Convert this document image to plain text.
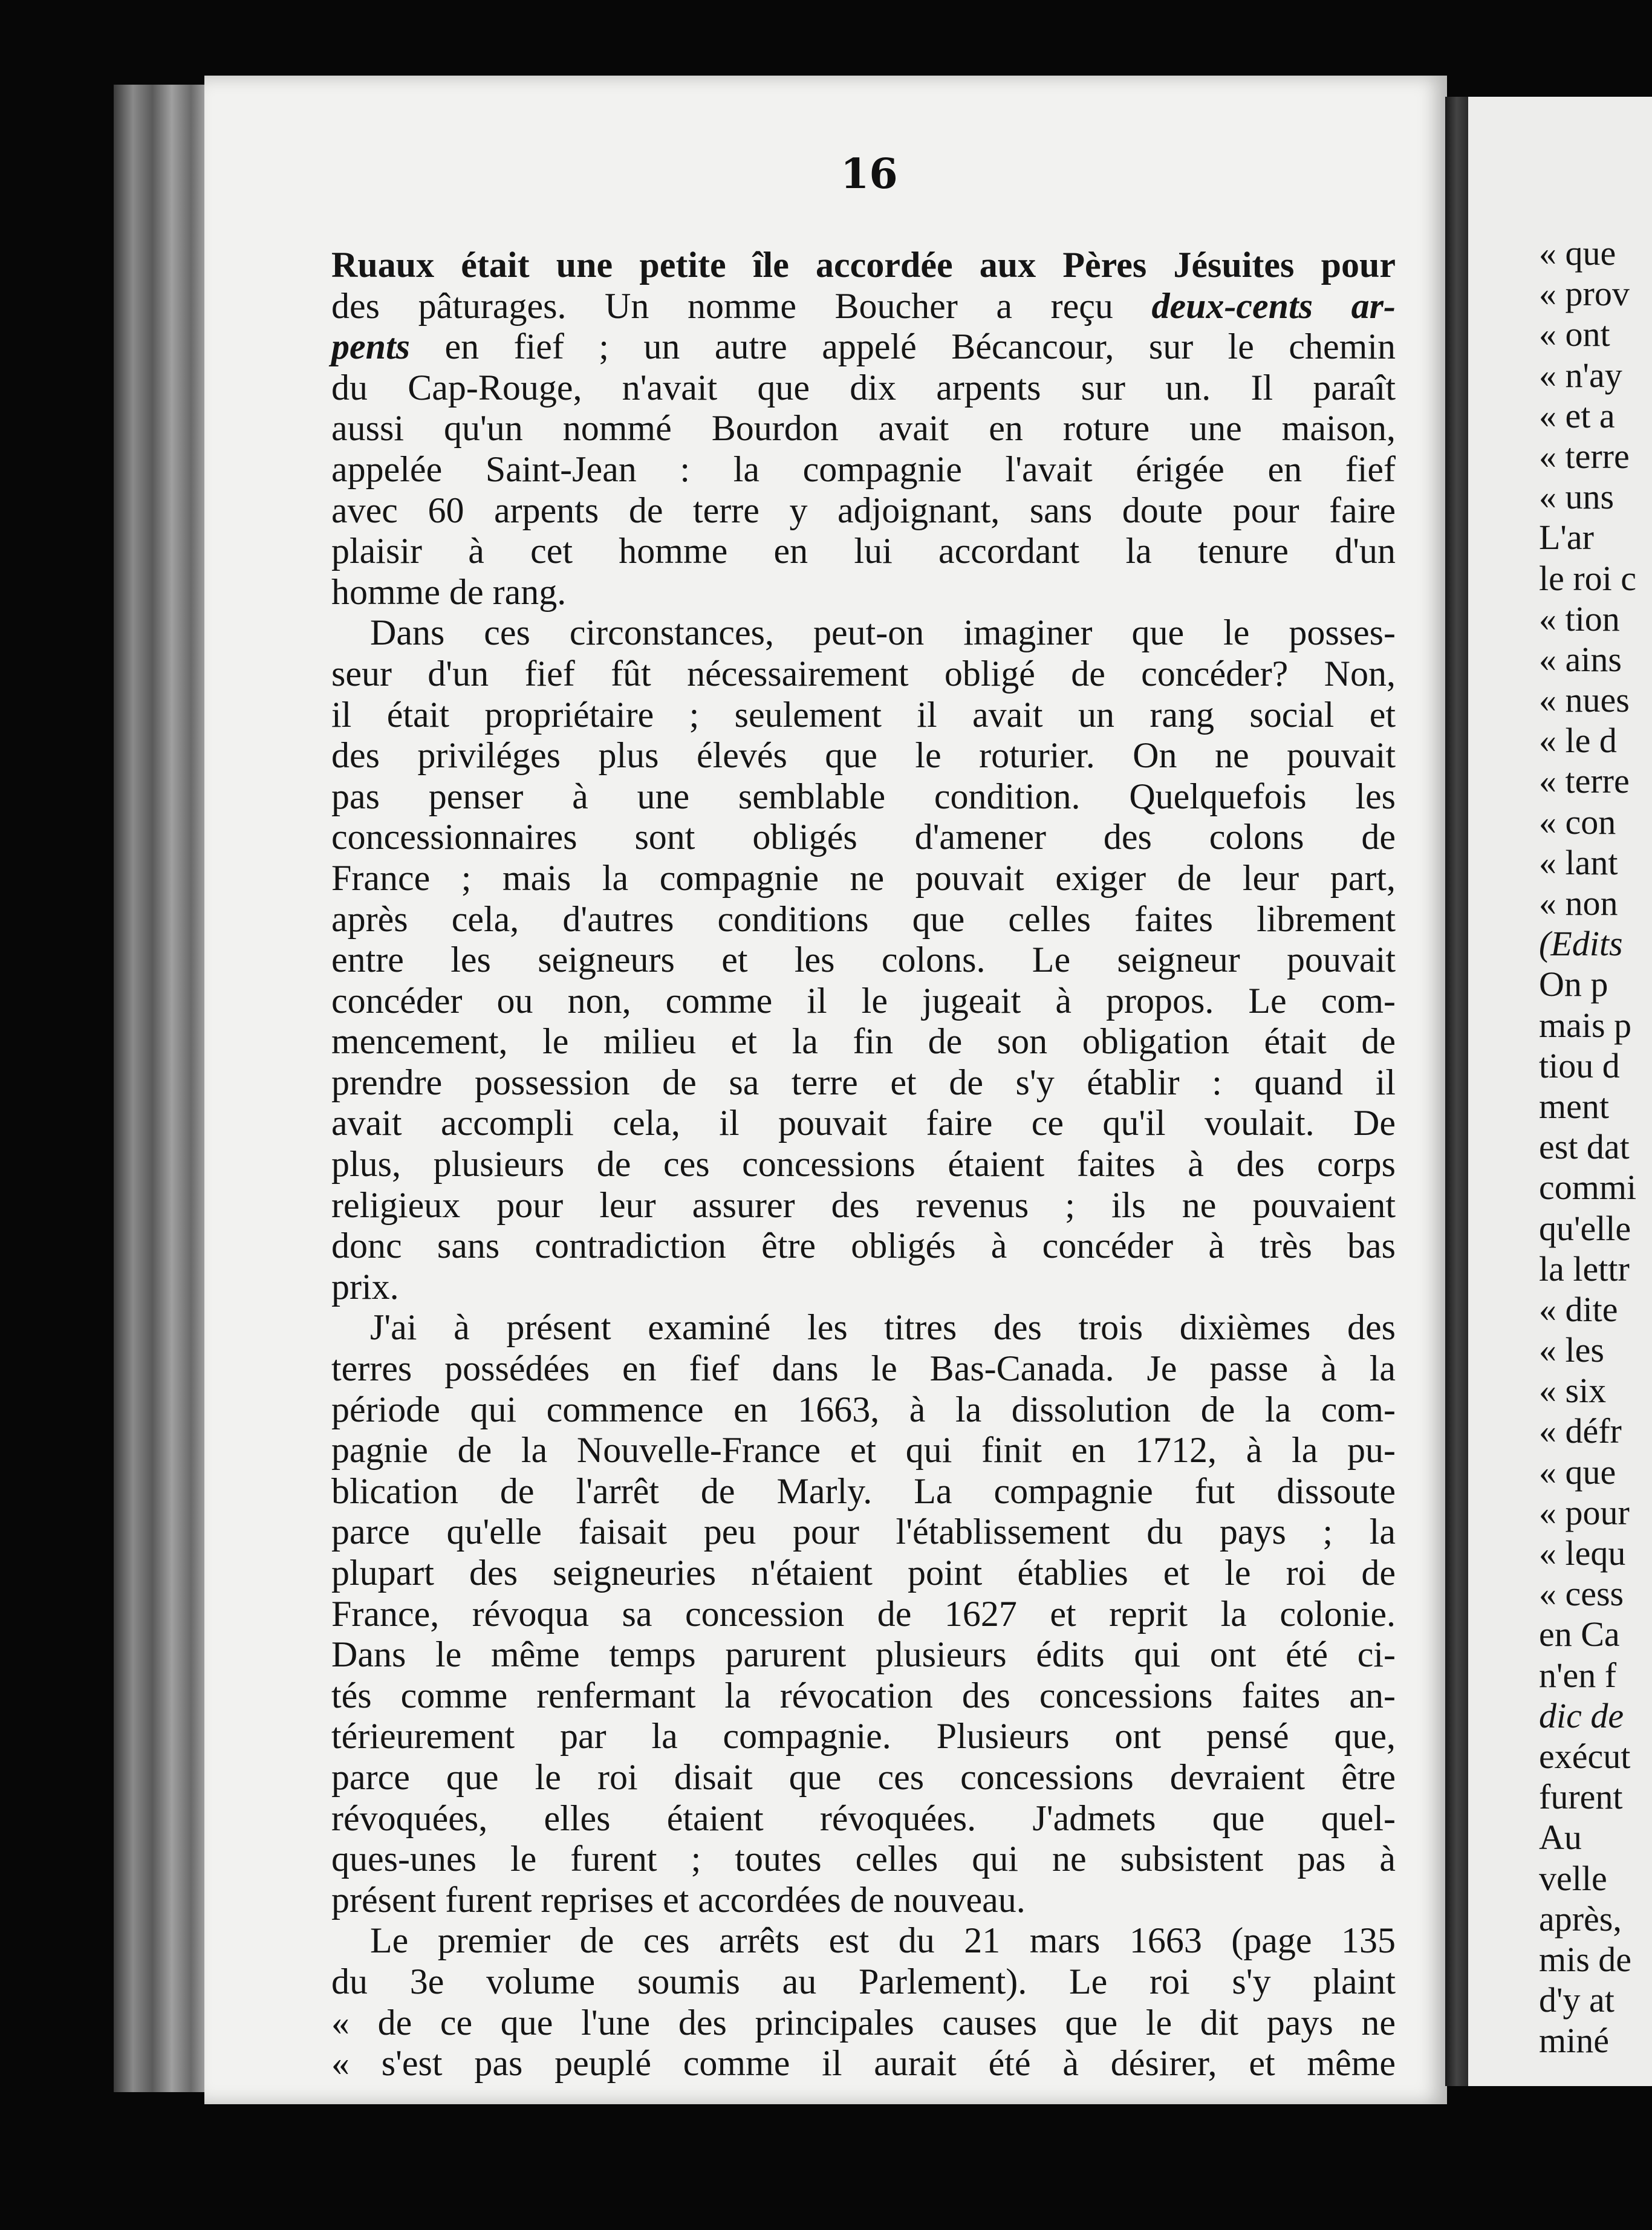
16
Ruaux était une petite île accordée aux Pères Jésuites pour
des pâturages. Un nomme Boucher a reçu deux-cents ar-
pents en fief ; un autre appelé Bécancour, sur le chemin
du Cap-Rouge, n'avait que dix arpents sur un. Il paraît
aussi qu'un nommé Bourdon avait en roture une maison,
appelée Saint-Jean : la compagnie l'avait érigée en fief
avec 60 arpents de terre y adjoignant, sans doute pour faire
plaisir à cet homme en lui accordant la tenure d'un
homme de rang.
Dans ces circonstances, peut-on imaginer que le posses-
seur d'un fief fût nécessairement obligé de concéder? Non,
il était propriétaire ; seulement il avait un rang social et
des priviléges plus élevés que le roturier. On ne pouvait
pas penser à une semblable condition. Quelquefois les
concessionnaires sont obligés d'amener des colons de
France ; mais la compagnie ne pouvait exiger de leur part,
après cela, d'autres conditions que celles faites librement
entre les seigneurs et les colons. Le seigneur pouvait
concéder ou non, comme il le jugeait à propos. Le com-
mencement, le milieu et la fin de son obligation était de
prendre possession de sa terre et de s'y établir : quand il
avait accompli cela, il pouvait faire ce qu'il voulait. De
plus, plusieurs de ces concessions étaient faites à des corps
religieux pour leur assurer des revenus ; ils ne pouvaient
donc sans contradiction être obligés à concéder à très bas
prix.
J'ai à présent examiné les titres des trois dixièmes des
terres possédées en fief dans le Bas-Canada. Je passe à la
période qui commence en 1663, à la dissolution de la com-
pagnie de la Nouvelle-France et qui finit en 1712, à la pu-
blication de l'arrêt de Marly. La compagnie fut dissoute
parce qu'elle faisait peu pour l'établissement du pays ; la
plupart des seigneuries n'étaient point établies et le roi de
France, révoqua sa concession de 1627 et reprit la colonie.
Dans le même temps parurent plusieurs édits qui ont été ci-
tés comme renfermant la révocation des concessions faites an-
térieurement par la compagnie. Plusieurs ont pensé que,
parce que le roi disait que ces concessions devraient être
révoquées, elles étaient révoquées. J'admets que quel-
ques-unes le furent ; toutes celles qui ne subsistent pas à
présent furent reprises et accordées de nouveau.
Le premier de ces arrêts est du 21 mars 1663 (page 135
du 3e volume soumis au Parlement). Le roi s'y plaint
« de ce que l'une des principales causes que le dit pays ne
« s'est pas peuplé comme il aurait été à désirer, et même
« que
« prov
« ont
« n'ay
« et a
« terre
« uns
L'ar
le roi c
« tion
« ains
« nues
« le d
« terre
« con
« lant
« non
(Edits
On p
mais p
tiou d
ment
est dat
commi
qu'elle
la lettr
« dite
« les
« six
« défr
« que
« pour
« lequ
« cess
en Ca
n'en f
dic de
exécut
furent
Au
velle
après,
mis de
d'y at
miné
